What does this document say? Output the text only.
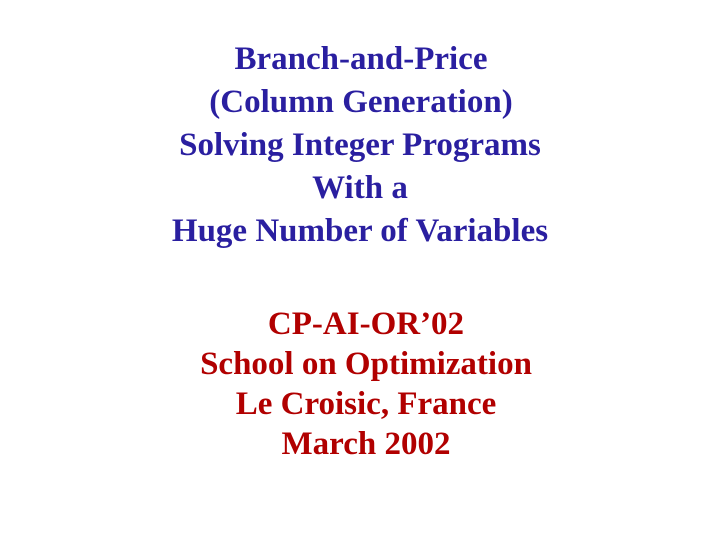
Branch-and-Price
(Column Generation)
Solving Integer Programs
With a
Huge Number of Variables
CP-AI-OR’02
School on Optimization
Le Croisic, France
March 2002
